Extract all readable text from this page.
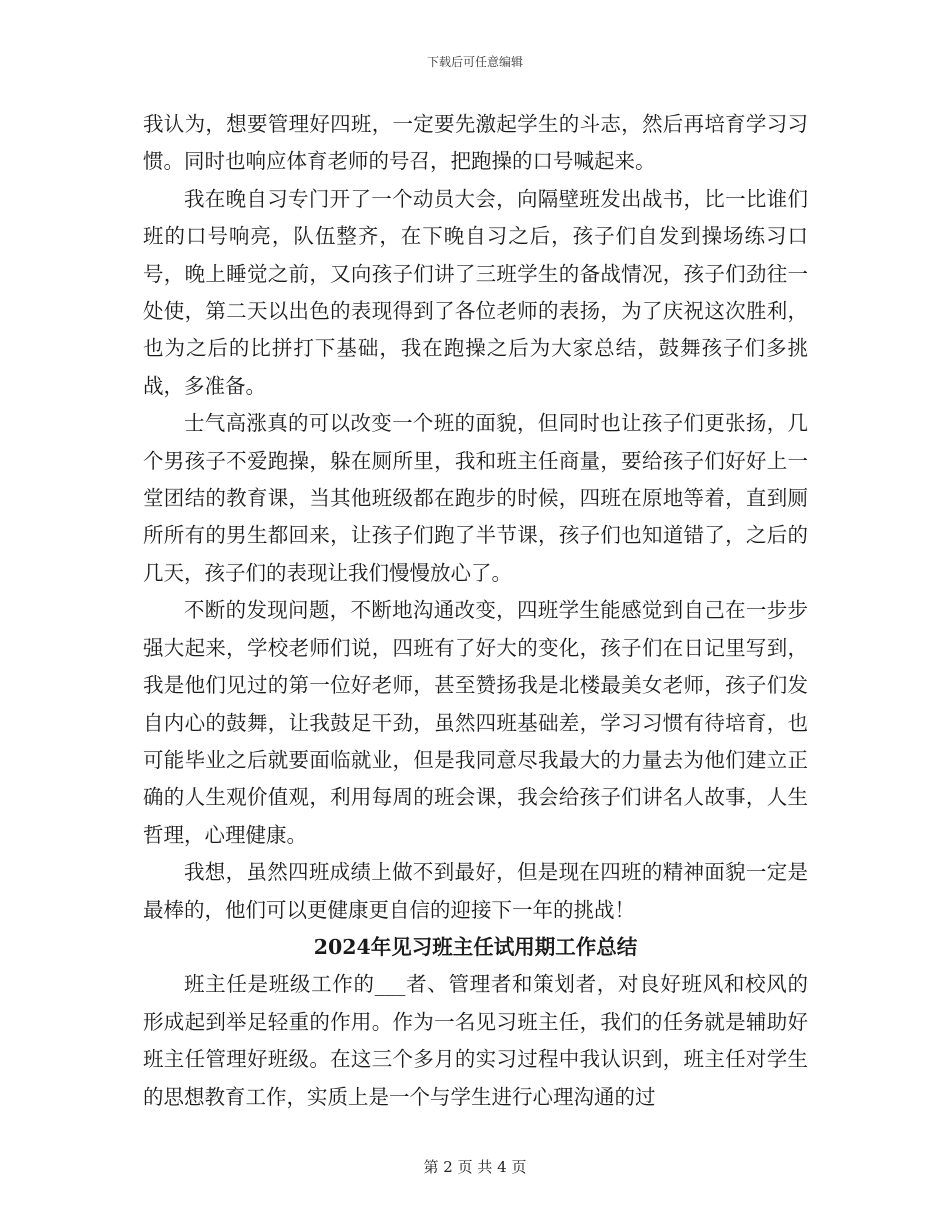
下载后可任意编辑

我认为，想要管理好四班，一定要先激起学生的斗志，然后再培育学习习惯。同时也响应体育老师的号召，把跑操的口号喊起来。

我在晚自习专门开了一个动员大会，向隔壁班发出战书，比一比谁们班的口号响亮，队伍整齐，在下晚自习之后，孩子们自发到操场练习口号，晚上睡觉之前，又向孩子们讲了三班学生的备战情况，孩子们劲往一处使，第二天以出色的表现得到了各位老师的表扬，为了庆祝这次胜利，也为之后的比拼打下基础，我在跑操之后为大家总结，鼓舞孩子们多挑战，多准备。

士气高涨真的可以改变一个班的面貌，但同时也让孩子们更张扬，几个男孩子不爱跑操，躲在厕所里，我和班主任商量，要给孩子们好好上一堂团结的教育课，当其他班级都在跑步的时候，四班在原地等着，直到厕所所有的男生都回来，让孩子们跑了半节课，孩子们也知道错了，之后的几天，孩子们的表现让我们慢慢放心了。

不断的发现问题，不断地沟通改变，四班学生能感觉到自己在一步步强大起来，学校老师们说，四班有了好大的变化，孩子们在日记里写到，我是他们见过的第一位好老师，甚至赞扬我是北楼最美女老师，孩子们发自内心的鼓舞，让我鼓足干劲，虽然四班基础差，学习习惯有待培育，也可能毕业之后就要面临就业，但是我同意尽我最大的力量去为他们建立正确的人生观价值观，利用每周的班会课，我会给孩子们讲名人故事，人生哲理，心理健康。

我想，虽然四班成绩上做不到最好，但是现在四班的精神面貌一定是最棒的，他们可以更健康更自信的迎接下一年的挑战！

2024年见习班主任试用期工作总结

班主任是班级工作的___者、管理者和策划者，对良好班风和校风的形成起到举足轻重的作用。作为一名见习班主任，我们的任务就是辅助好班主任管理好班级。在这三个多月的实习过程中我认识到，班主任对学生的思想教育工作，实质上是一个与学生进行心理沟通的过

第 2 页 共 4 页
